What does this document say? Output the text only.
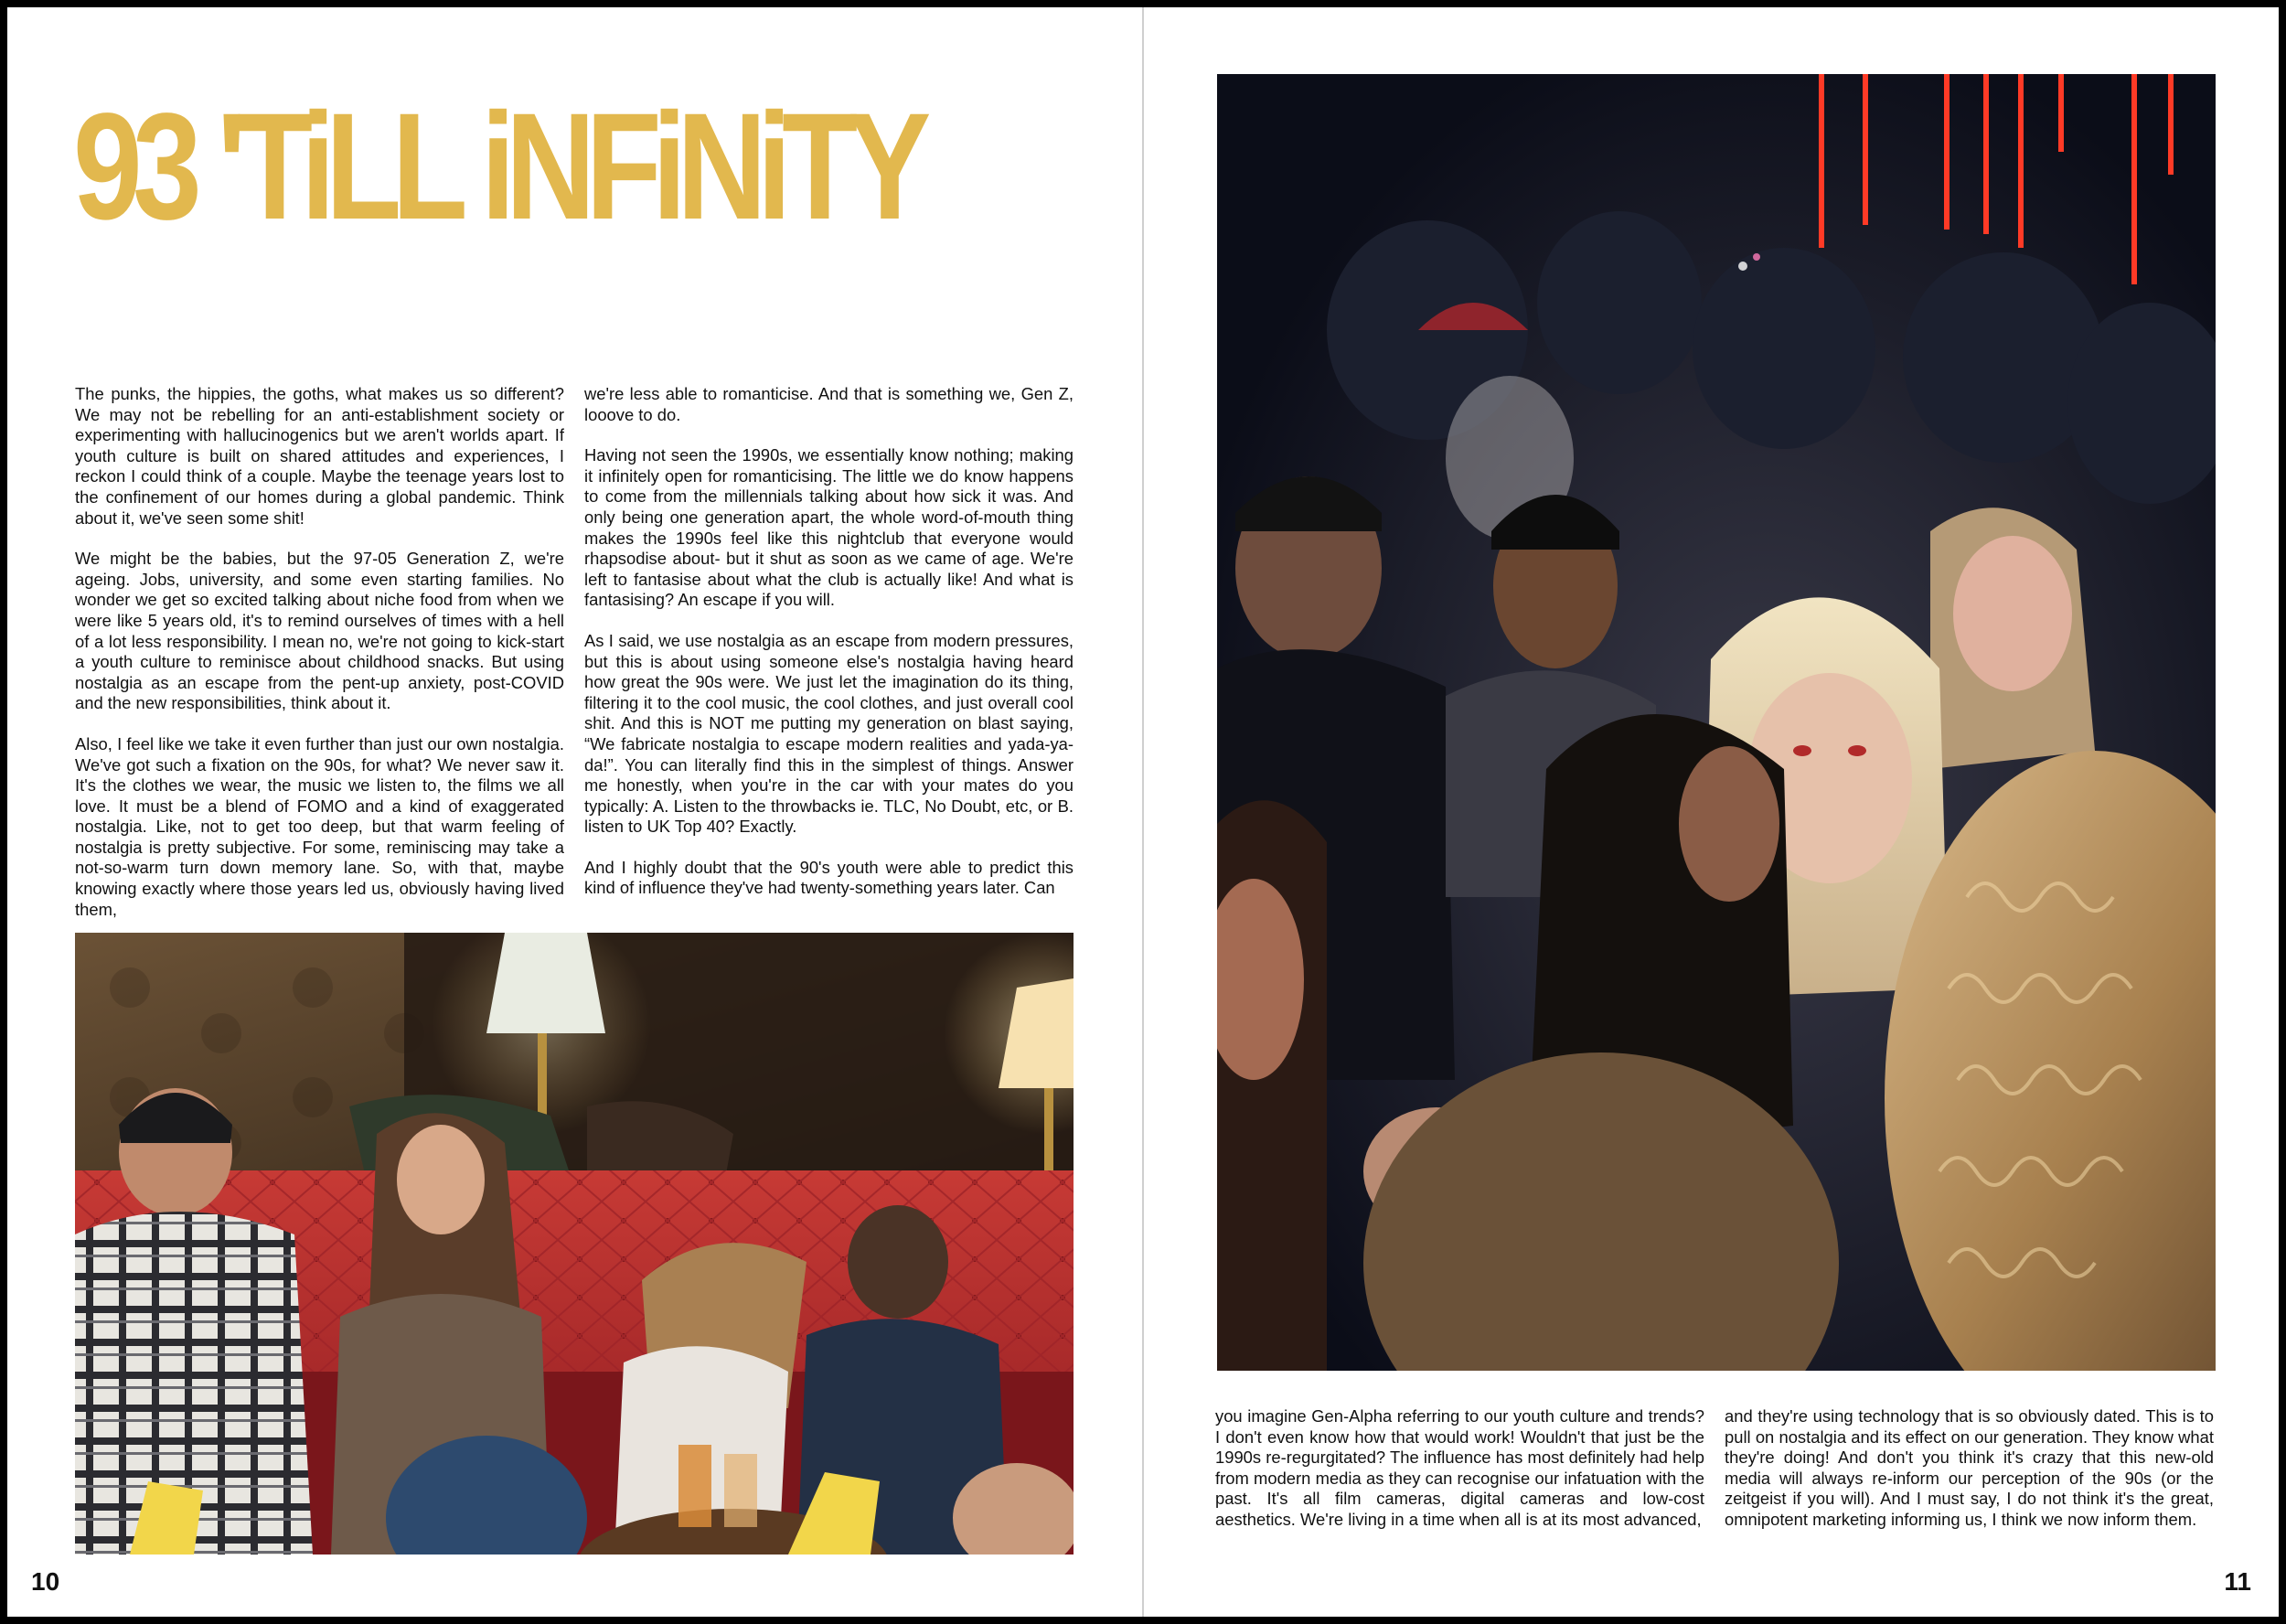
93 'TiLL iNFiNiTY

The punks, the hippies, the goths, what makes us so different? We may not be rebelling for an anti-establishment society or experimenting with hallucinogenics but we aren't worlds apart. If youth culture is built on shared attitudes and experiences, I reckon I could think of a couple. Maybe the teenage years lost to the confinement of our homes during a global pandemic. Think about it, we've seen some shit!

We might be the babies, but the 97-05 Generation Z, we're ageing. Jobs, university, and some even starting families. No wonder we get so excited talking about niche food from when we were like 5 years old, it's to remind ourselves of times with a hell of a lot less responsibility. I mean no, we're not going to kick-start a youth culture to reminisce about childhood snacks. But using nostalgia as an escape from the pent-up anxiety, post-COVID and the new responsibilities, think about it.

Also, I feel like we take it even further than just our own nostalgia. We've got such a fixation on the 90s, for what? We never saw it. It's the clothes we wear, the music we listen to, the films we all love. It must be a blend of FOMO and a kind of exaggerated nostalgia. Like, not to get too deep, but that warm feeling of nostalgia is pretty subjective. For some, reminiscing may take a not-so-warm turn down memory lane. So, with that, maybe knowing exactly where those years led us, obviously having lived them,

we're less able to romanticise. And that is something we, Gen Z, looove to do.

Having not seen the 1990s, we essentially know nothing; making it infinitely open for romanticising. The little we do know happens to come from the millennials talking about how sick it was. And only being one generation apart, the whole word-of-mouth thing makes the 1990s feel like this nightclub that everyone would rhapsodise about- but it shut as soon as we came of age. We're left to fantasise about what the club is actually like! And what is fantasising? An escape if you will.

As I said, we use nostalgia as an escape from modern pressures, but this is about using someone else's nostalgia having heard how great the 90s were. We just let the imagination do its thing, filtering it to the cool music, the cool clothes, and just overall cool shit. And this is NOT me putting my generation on blast saying, “We fabricate nostalgia to escape modern realities and yada-ya-da!”. You can literally find this in the simplest of things. Answer me honestly, when you're in the car with your mates do you typically: A. Listen to the throwbacks ie. TLC, No Doubt, etc, or B. listen to UK Top 40? Exactly.

And I highly doubt that the 90's youth were able to predict this kind of influence they've had twenty-something years later. Can

10

you imagine Gen-Alpha referring to our youth culture and trends? I don't even know how that would work! Wouldn't that just be the 1990s re-regurgitated? The influence has most definitely had help from modern media as they can recognise our infatuation with the past. It's all film cameras, digital cameras and low-cost aesthetics. We're living in a time when all is at its most advanced,

and they're using technology that is so obviously dated. This is to pull on nostalgia and its effect on our generation. They know what they're doing! And don't you think it's crazy that this new-old media will always re-inform our perception of the 90s (or the zeitgeist if you will). And I must say, I do not think it's the great, omnipotent marketing informing us, I think we now inform them.

11
